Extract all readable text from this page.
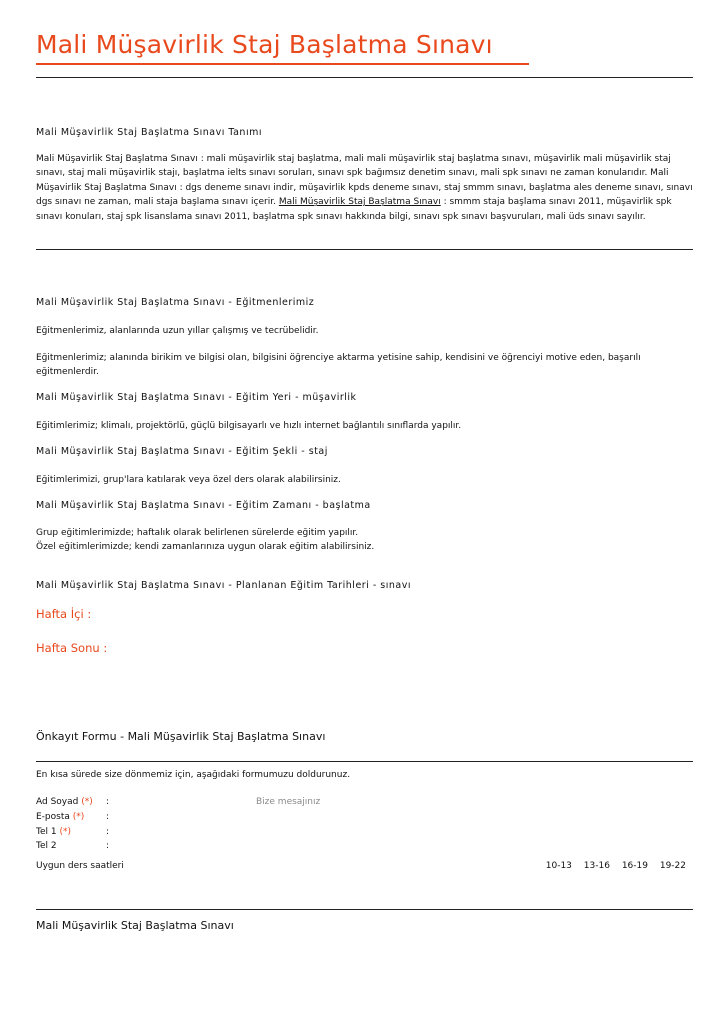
Mali Müşavirlik Staj Başlatma Sınavı
Mali Müşavirlik Staj Başlatma Sınavı Tanımı
Mali Müşavirlik Staj Başlatma Sınavı : mali müşavirlik staj başlatma, mali mali müşavirlik staj başlatma sınavı, müşavirlik mali müşavirlik staj sınavı, staj mali müşavirlik stajı, başlatma ielts sınavı soruları, sınavı spk bağımsız denetim sınavı, mali spk sınavı ne zaman konularıdır. Mali Müşavirlik Staj Başlatma Sınavı : dgs deneme sınavı indir, müşavirlik kpds deneme sınavı, staj smmm sınavı, başlatma ales deneme sınavı, sınavı dgs sınavı ne zaman, mali staja başlama sınavı içerir. Mali Müşavirlik Staj Başlatma Sınavı : smmm staja başlama sınavı 2011, müşavirlik spk sınavı konuları, staj spk lisanslama sınavı 2011, başlatma spk sınavı hakkında bilgi, sınavı spk sınavı başvuruları, mali üds sınavı sayılır.
Mali Müşavirlik Staj Başlatma Sınavı - Eğitmenlerimiz
Eğitmenlerimiz, alanlarında uzun yıllar çalışmış ve tecrübelidir.
Eğitmenlerimiz; alanında birikim ve bilgisi olan, bilgisini öğrenciye aktarma yetisine sahip, kendisini ve öğrenciyi motive eden, başarılı eğitmenlerdir.
Mali Müşavirlik Staj Başlatma Sınavı - Eğitim Yeri - müşavirlik
Eğitimlerimiz; klimalı, projektörlü, güçlü bilgisayarlı ve hızlı internet bağlantılı sınıflarda yapılır.
Mali Müşavirlik Staj Başlatma Sınavı - Eğitim Şekli - staj
Eğitimlerimizi, grup'lara katılarak veya özel ders olarak alabilirsiniz.
Mali Müşavirlik Staj Başlatma Sınavı - Eğitim Zamanı - başlatma
Grup eğitimlerimizde; haftalık olarak belirlenen sürelerde eğitim yapılır.
Özel eğitimlerimizde; kendi zamanlarınıza uygun olarak eğitim alabilirsiniz.
Mali Müşavirlik Staj Başlatma Sınavı - Planlanan Eğitim Tarihleri - sınavı
Hafta İçi :
Hafta Sonu :
Önkayıt Formu - Mali Müşavirlik Staj Başlatma Sınavı
En kısa sürede size dönmemiz için, aşağıdaki formumuzu doldurunuz.
Ad Soyad (*) :
E-posta (*) :
Tel 1 (*)	:
Tel 2	:
Bize mesajınız
Uygun ders saatleri	10-13 13-16 16-19 19-22
Mali Müşavirlik Staj Başlatma Sınavı
